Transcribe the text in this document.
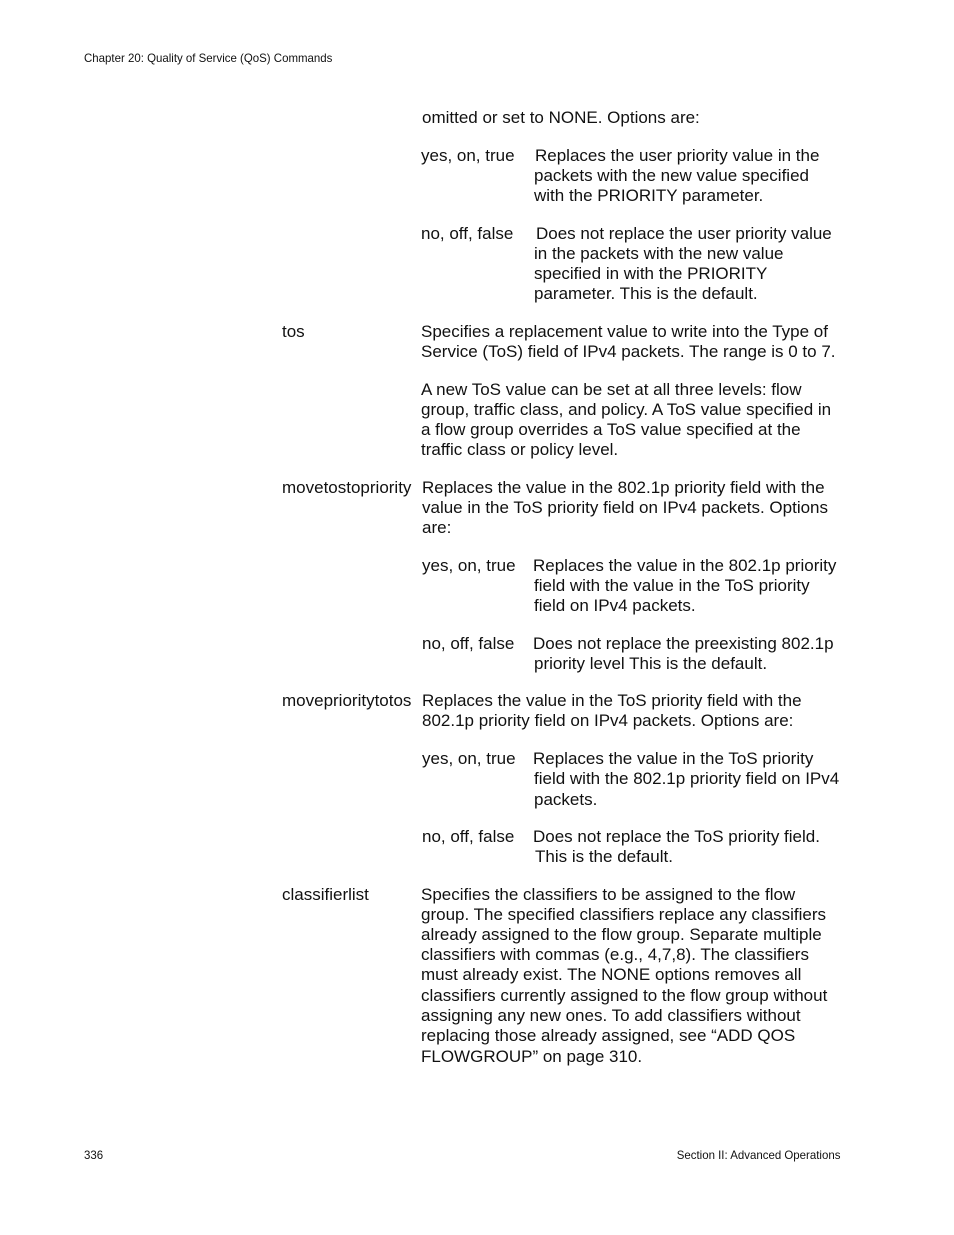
Chapter 20: Quality of Service (QoS) Commands
omitted or set to NONE. Options are:
yes, on, true Replaces the user priority value in the
packets with the new value specified
with the PRIORITY parameter.
no, off, false Does not replace the user priority value
in the packets with the new value
specified in with the PRIORITY
parameter. This is the default.
tos	Specifies a replacement value to write into the Type of
Service (ToS) field of IPv4 packets. The range is 0 to 7.
A new ToS value can be set at all three levels: flow
group, traffic class, and policy. A ToS value specified in
a flow group overrides a ToS value specified at the
traffic class or policy level.
movetostopriority Replaces the value in the 802.1p priority field with the
value in the ToS priority field on IPv4 packets. Options
are:
yes, on, true Replaces the value in the 802.1p priority
field with the value in the ToS priority
field on IPv4 packets.
no, off, false Does not replace the preexisting 802.1p
priority level This is the default.
moveprioritytotos Replaces the value in the ToS priority field with the
802.1p priority field on IPv4 packets. Options are:
yes, on, true Replaces the value in the ToS priority
field with the 802.1p priority field on IPv4
packets.
no, off, false Does not replace the ToS priority field.
This is the default.
classifierlist	Specifies the classifiers to be assigned to the flow
group. The specified classifiers replace any classifiers
already assigned to the flow group. Separate multiple
classifiers with commas (e.g., 4,7,8). The classifiers
must already exist. The NONE options removes all
classifiers currently assigned to the flow group without
assigning any new ones. To add classifiers without
replacing those already assigned, see “ADD QOS
FLOWGROUP” on page 310.
336	Section II: Advanced Operations
